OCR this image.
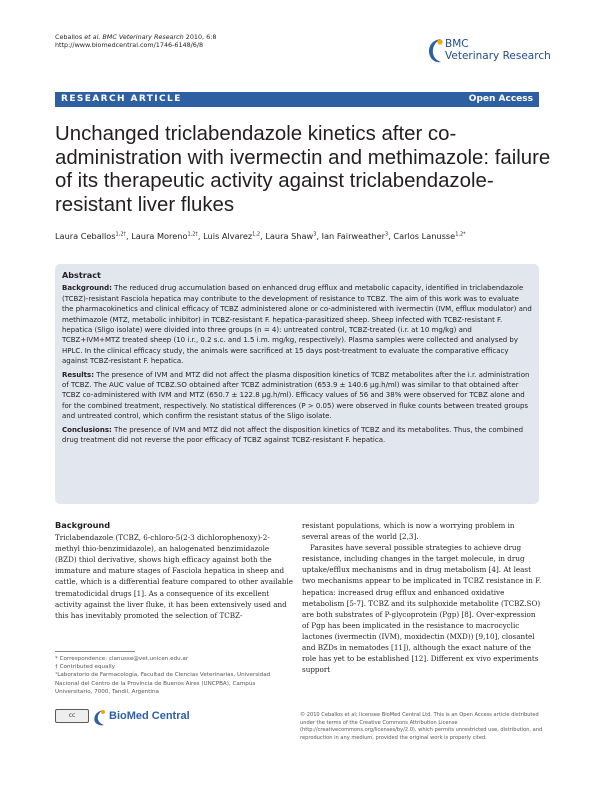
Ceballos et al. BMC Veterinary Research 2010, 6:8
http://www.biomedcentral.com/1746-6148/6/8	BMC
Veterinary Research
RESEARCH ARTICLE	Open Access
Unchanged triclabendazole kinetics after co-administration with ivermectin and methimazole: failure of its therapeutic activity against triclabendazole-resistant liver flukes
Laura Ceballos$^{1,2\dagger}$, Laura Moreno$^{1,2\dagger}$, Luis Alvarez$^{1,2}$, Laura Shaw$^3$, Ian Fairweather$^3$, Carlos Lanusse$^{1,2*}$
Abstract

Background: The reduced drug accumulation based on enhanced drug efflux and metabolic capacity, identified in triclabendazole (TCBZ)-resistant Fasciola hepatica may contribute to the development of resistance to TCBZ. The aim of this work was to evaluate the pharmacokinetics and clinical efficacy of TCBZ administered alone or co-administered with ivermectin (IVM, efflux modulator) and methimazole (MTZ, metabolic inhibitor) in TCBZ-resistant F. hepatica-parasitized sheep. Sheep infected with TCBZ-resistant F. hepatica (Sligo isolate) were divided into three groups (n = 4): untreated control, TCBZ-treated (i.r. at 10 mg/kg) and TCBZ+IVM+MTZ treated sheep (10 i.r., 0.2 s.c. and 1.5 i.m. mg/kg, respectively). Plasma samples were collected and analysed by HPLC. In the clinical efficacy study, the animals were sacrificed at 15 days post-treatment to evaluate the comparative efficacy against TCBZ-resistant F. hepatica.

Results: The presence of IVM and MTZ did not affect the plasma disposition kinetics of TCBZ metabolites after the i.r. administration of TCBZ. The AUC value of TCBZ.SO obtained after TCBZ administration (653.9 ± 140.6 μg.h/ml) was similar to that obtained after TCBZ co-administered with IVM and MTZ (650.7 ± 122.8 μg.h/ml). Efficacy values of 56 and 38% were observed for TCBZ alone and for the combined treatment, respectively. No statistical differences (P > 0.05) were observed in fluke counts between treated groups and untreated control, which confirm the resistant status of the Sligo isolate.

Conclusions: The presence of IVM and MTZ did not affect the disposition kinetics of TCBZ and its metabolites. Thus, the combined drug treatment did not reverse the poor efficacy of TCBZ against TCBZ-resistant F. hepatica.

Background

Triclabendazole (TCBZ, 6-chloro-5(2-3 dichlorophenoxy)-2-methyl thio-benzimidazole), an halogenated benzimidazole (BZD) thiol derivative, shows high efficacy against both the immature and mature stages of Fasciola hepatica in sheep and cattle, which is a differential feature compared to other available trematodicidal drugs [1]. As a consequence of its excellent activity against the liver fluke, it has been extensively used and this has inevitably promoted the selection of TCBZ-

resistant populations, which is now a worrying problem in several areas of the world [2,3].

Parasites have several possible strategies to achieve drug resistance, including changes in the target molecule, in drug uptake/efflux mechanisms and in drug metabolism [4]. At least two mechanisms appear to be implicated in TCBZ resistance in F. hepatica: increased drug efflux and enhanced oxidative metabolism [5-7]. TCBZ and its sulphoxide metabolite (TCBZ.SO) are both substrates of P-glycoprotein (Pgp) [8]. Over-expression of Pgp has been implicated in the resistance to macrocyclic lactones (ivermectin (IVM), moxidectin (MXD)) [9,10], closantel and BZDs in nematodes [11]), although the exact nature of the role has yet to be established [12]. Different ex vivo experiments support

* Correspondence: clanusse@vet.unicen.edu.ar
† Contributed equally
¹Laboratorio de Farmacología, Facultad de Ciencias Veterinarias, Universidad Nacional del Centro de la Provincia de Buenos Aires (UNCPBA), Campus Universitario, 7000, Tandil, Argentina
cc	BioMed Central	© 2010 Ceballos et al; licensee BioMed Central Ltd. This is an Open Access article distributed under the terms of the Creative Commons Attribution License (http://creativecommons.org/licenses/by/2.0), which permits unrestricted use, distribution, and reproduction in any medium, provided the original work is properly cited.
